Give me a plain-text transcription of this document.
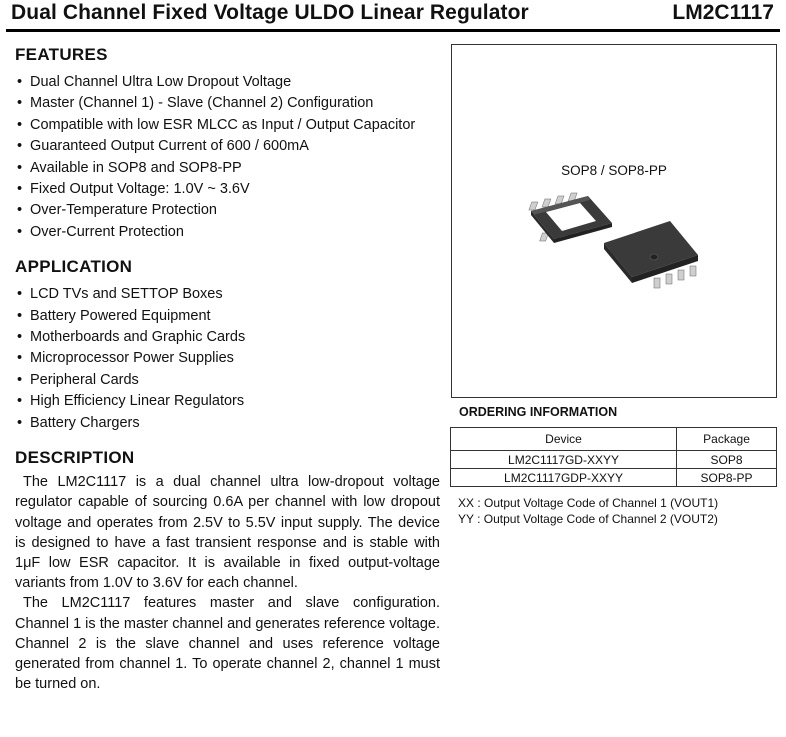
Dual Channel Fixed Voltage ULDO Linear Regulator	LM2C1117
FEATURES
• Dual Channel Ultra Low Dropout Voltage
• Master (Channel 1) - Slave (Channel 2) Configuration
• Compatible with low ESR MLCC as Input / Output Capacitor
• Guaranteed Output Current of 600 / 600mA
• Available in SOP8 and SOP8-PP
• Fixed Output Voltage: 1.0V ~ 3.6V
• Over-Temperature Protection
• Over-Current Protection
APPLICATION
• LCD TVs and SETTOP Boxes
• Battery Powered Equipment
• Motherboards and Graphic Cards
• Microprocessor Power Supplies
• Peripheral Cards
• High Efficiency Linear Regulators
• Battery Chargers
DESCRIPTION

The LM2C1117 is a dual channel ultra low-dropout voltage regulator capable of sourcing 0.6A per channel with low dropout voltage and operates from 2.5V to 5.5V input supply. The device is designed to have a fast transient response and is stable with 1μF low ESR capacitor. It is available in fixed output-voltage variants from 1.0V to 3.6V for each channel.

The LM2C1117 features master and slave configuration. Channel 1 is the master channel and generates reference voltage. Channel 2 is the slave channel and uses reference voltage generated from channel 1. To operate channel 2, channel 1 must be turned on.

SOP8 / SOP8-PP
ORDERING INFORMATION
Device	Package
LM2C1117GD-XXYY	SOP8
LM2C1117GDP-XXYY	SOP8-PP
XX : Output Voltage Code of Channel 1 (VOUT1)
YY : Output Voltage Code of Channel 2 (VOUT2)
